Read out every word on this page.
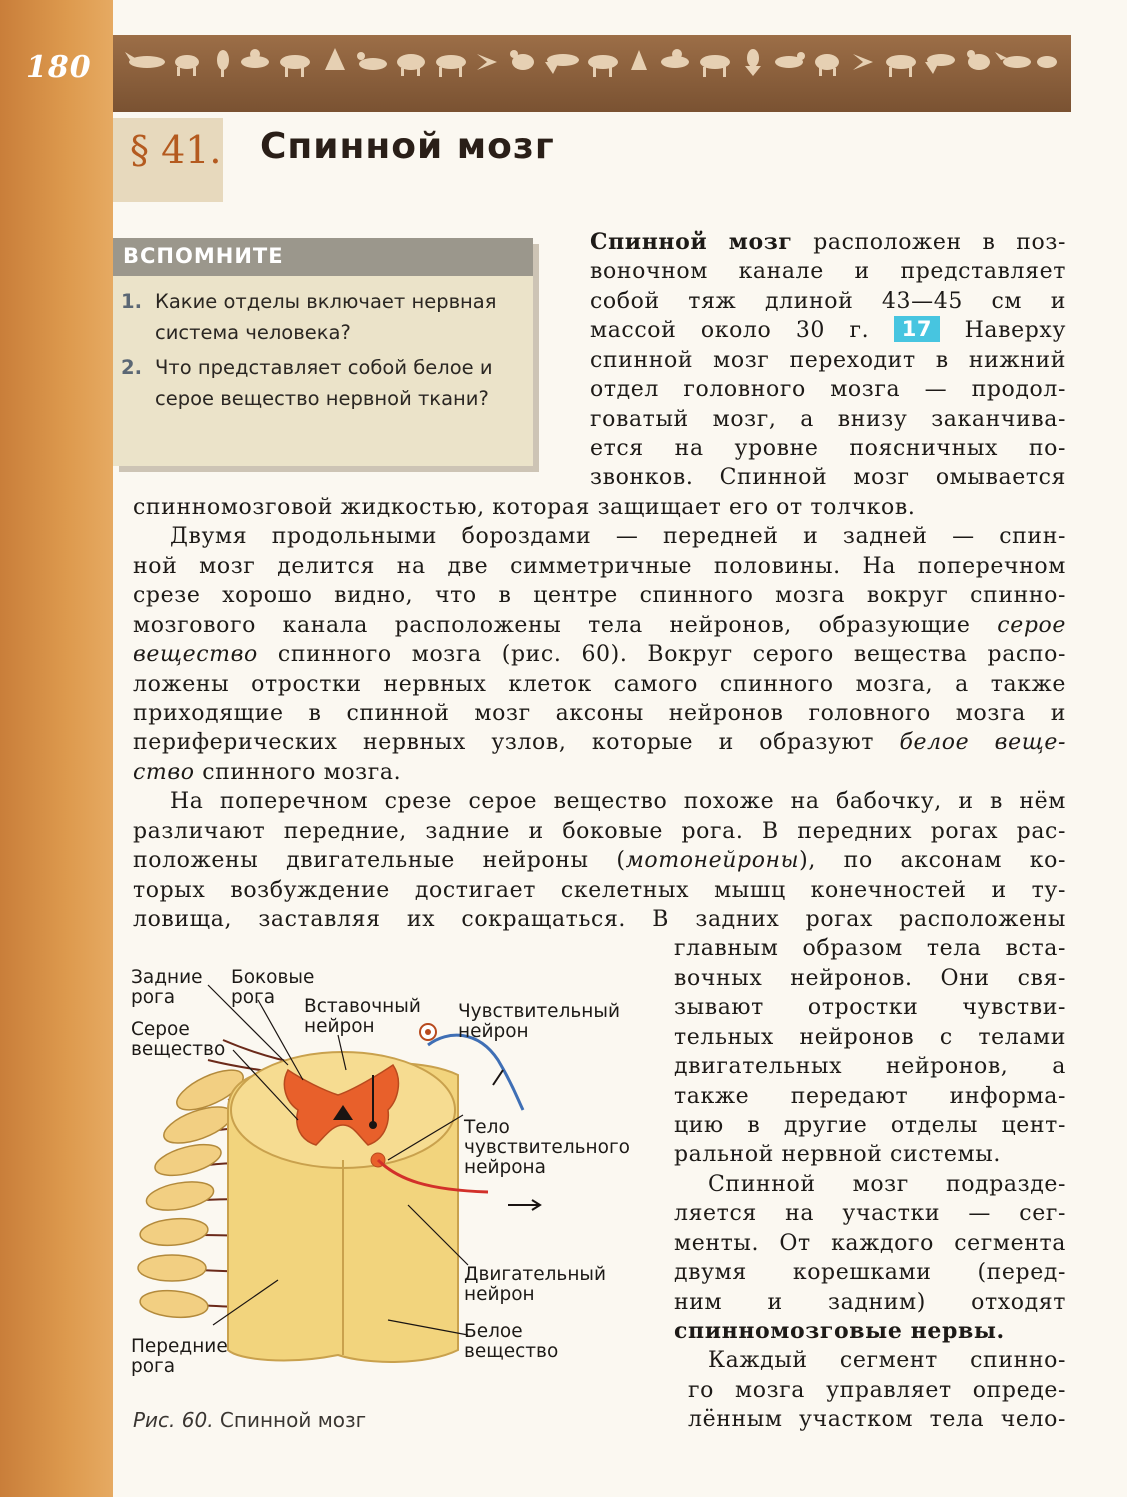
180
§ 41. Спинной мозг
ВСПОМНИТЕ
1. Какие отделы включает нервная система человека?
2. Что представляет собой белое и серое вещество нервной ткани?
Спинной мозг расположен в поз-
воночном канале и представляет
собой тяж длиной 43—45 см и
массой около 30 г. 17 Наверху
спинной мозг переходит в нижний
отдел головного мозга — продол-
говатый мозг, а внизу заканчива-
ется на уровне поясничных по-
звонков. Спинной мозг омывается
спинномозговой жидкостью, которая защищает его от толчков.
Двумя продольными бороздами — передней и задней — спин-
ной мозг делится на две симметричные половины. На поперечном
срезе хорошо видно, что в центре спинного мозга вокруг спинно-
мозгового канала расположены тела нейронов, образующие серое
вещество спинного мозга (рис. 60). Вокруг серого вещества распо-
ложены отростки нервных клеток самого спинного мозга, а также
приходящие в спинной мозг аксоны нейронов головного мозга и
периферических нервных узлов, которые и образуют белое веще-
ство спинного мозга.
На поперечном срезе серое вещество похоже на бабочку, и в нём
различают передние, задние и боковые рога. В передних рогах рас-
положены двигательные нейроны (мотонейроны), по аксонам ко-
торых возбуждение достигает скелетных мышц конечностей и ту-
ловища, заставляя их сокращаться. В задних рогах расположены
главным образом тела вста-
вочных нейронов. Они свя-
зывают отростки чувстви-
тельных нейронов с телами
двигательных нейронов, а
также передают информа-
цию в другие отделы цент-
ральной нервной системы.
Спинной мозг подразде-
ляется на участки — сег-
менты. От каждого сегмента
двумя корешками (перед-
ним и задним) отходят
спинномозговые нервы.
Каждый сегмент спинно-
го мозга управляет опреде-
лённым участком тела чело-
Задние
рога
Боковые
рога
Серое
вещество
Вставочный
нейрон
Чувствительный
нейрон
Тело
чувствительного
нейрона
Двигательный
нейрон
Белое
вещество
Передние
рога
Рис. 60. Спинной мозг
